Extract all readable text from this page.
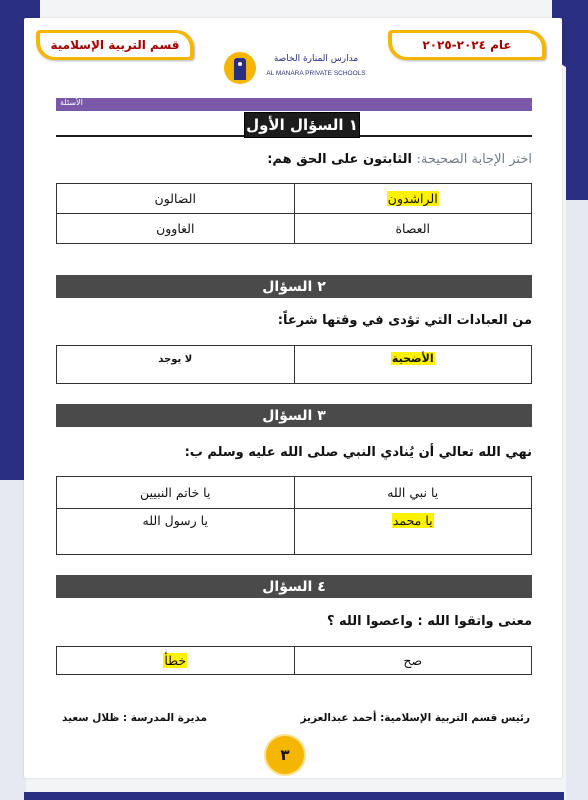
قسم التربية الإسلامية	عام ٢٠٢٤-٢٠٢٥
مدارس المنارة الخاصة
AL MANARA PRIVATE SCHOOLS
الأسئلة
١ السؤال الأول
اختر الإجابة الصحيحة: الثابتون على الحق هم:
الراشدون	الضالون
العصاة	الغاوون
٢ السؤال
من العبادات التي تؤدى في وقتها شرعاً:
الأضحية	لا يوجد
٣ السؤال
نهي الله تعالي أن يُنادي النبي صلى الله عليه وسلم ب:
يا نبي الله	يا خاتم النبيين
يا محمد	يا رسول الله
٤ السؤال
معنى واتقوا الله : واعصوا الله ؟
صح	خطأ
رئيس قسم التربية الإسلامية: أحمد عبدالعزيز
مديرة المدرسة : ظلال سعيد
٣
